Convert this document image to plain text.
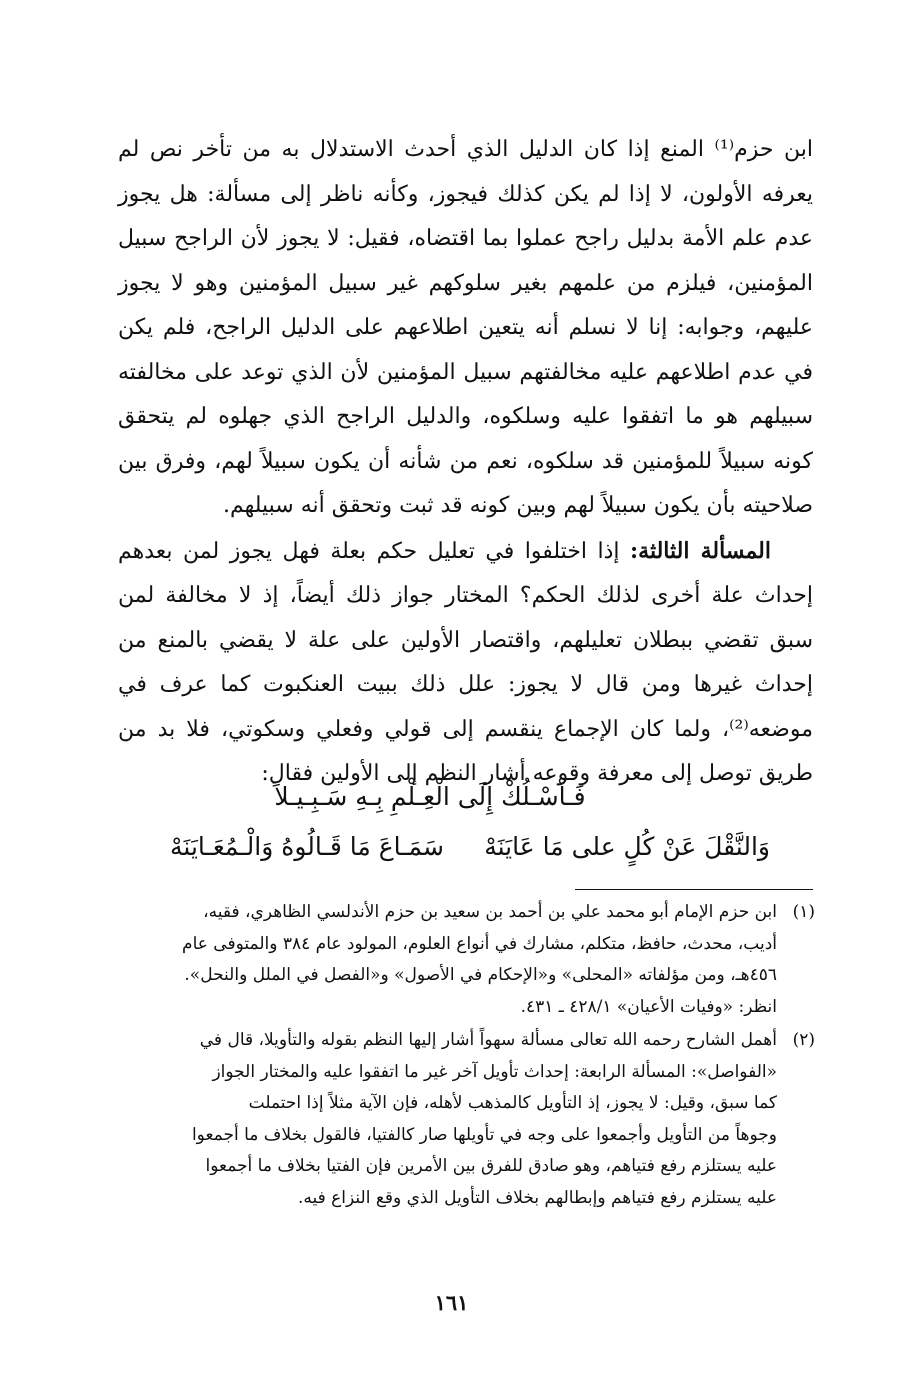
ابن حزم⁽¹⁾ المنع إذا كان الدليل الذي أحدث الاستدلال به من تأخر نص لم يعرفه الأولون، لا إذا لم يكن كذلك فيجوز، وكأنه ناظر إلى مسألة: هل يجوز عدم علم الأمة بدليل راجح عملوا بما اقتضاه، فقيل: لا يجوز لأن الراجح سبيل المؤمنين، فيلزم من علمهم بغير سلوكهم غير سبيل المؤمنين وهو لا يجوز عليهم، وجوابه: إنا لا نسلم أنه يتعين اطلاعهم على الدليل الراجح، فلم يكن في عدم اطلاعهم عليه مخالفتهم سبيل المؤمنين لأن الذي توعد على مخالفته سبيلهم هو ما اتفقوا عليه وسلكوه، والدليل الراجح الذي جهلوه لم يتحقق كونه سبيلاً للمؤمنين قد سلكوه، نعم من شأنه أن يكون سبيلاً لهم، وفرق بين صلاحيته بأن يكون سبيلاً لهم وبين كونه قد ثبت وتحقق أنه سبيلهم.

المسألة الثالثة: إذا اختلفوا في تعليل حكم بعلة فهل يجوز لمن بعدهم إحداث علة أخرى لذلك الحكم؟ المختار جواز ذلك أيضاً، إذ لا مخالفة لمن سبق تقضي ببطلان تعليلهم، واقتصار الأولين على علة لا يقضي بالمنع من إحداث غيرها ومن قال لا يجوز: علل ذلك ببيت العنكبوت كما عرف في موضعه⁽²⁾، ولما كان الإجماع ينقسم إلى قولي وفعلي وسكوتي، فلا بد من طريق توصل إلى معرفة وقوعه أشار النظم إلى الأولين فقال:

فَـاْسْـلُكْ إِلَى الْعِـلْمِ بِـهِ سَـبِـيـلاً
وَالنَّقْلَ عَنْ كُلٍ على مَا عَايَنَهْ
سَمَـاعَ مَا قَـالُوهُ وَالْـمُعَـايَنَهْ
(١)
ابن حزم الإمام أبو محمد علي بن أحمد بن سعيد بن حزم الأندلسي الظاهري، فقيه،
أديب، محدث، حافظ، متكلم، مشارك في أنواع العلوم، المولود عام ٣٨٤ والمتوفى عام
٤٥٦هـ، ومن مؤلفاته «المحلى» و«الإحكام في الأصول» و«الفصل في الملل والنحل».
انظر: «وفيات الأعيان» ٤٢٨/١ ـ ٤٣١.
(٢)
أهمل الشارح رحمه الله تعالى مسألة سهواً أشار إليها النظم بقوله والتأويلا، قال في
«الفواصل»: المسألة الرابعة: إحداث تأويل آخر غير ما اتفقوا عليه والمختار الجواز
كما سبق، وقيل: لا يجوز، إذ التأويل كالمذهب لأهله، فإن الآية مثلاً إذا احتملت
وجوهاً من التأويل وأجمعوا على وجه في تأويلها صار كالفتيا، فالقول بخلاف ما أجمعوا
عليه يستلزم رفع فتياهم، وهو صادق للفرق بين الأمرين فإن الفتيا بخلاف ما أجمعوا
عليه يستلزم رفع فتياهم وإبطالهم بخلاف التأويل الذي وقع النزاع فيه.
١٦١
